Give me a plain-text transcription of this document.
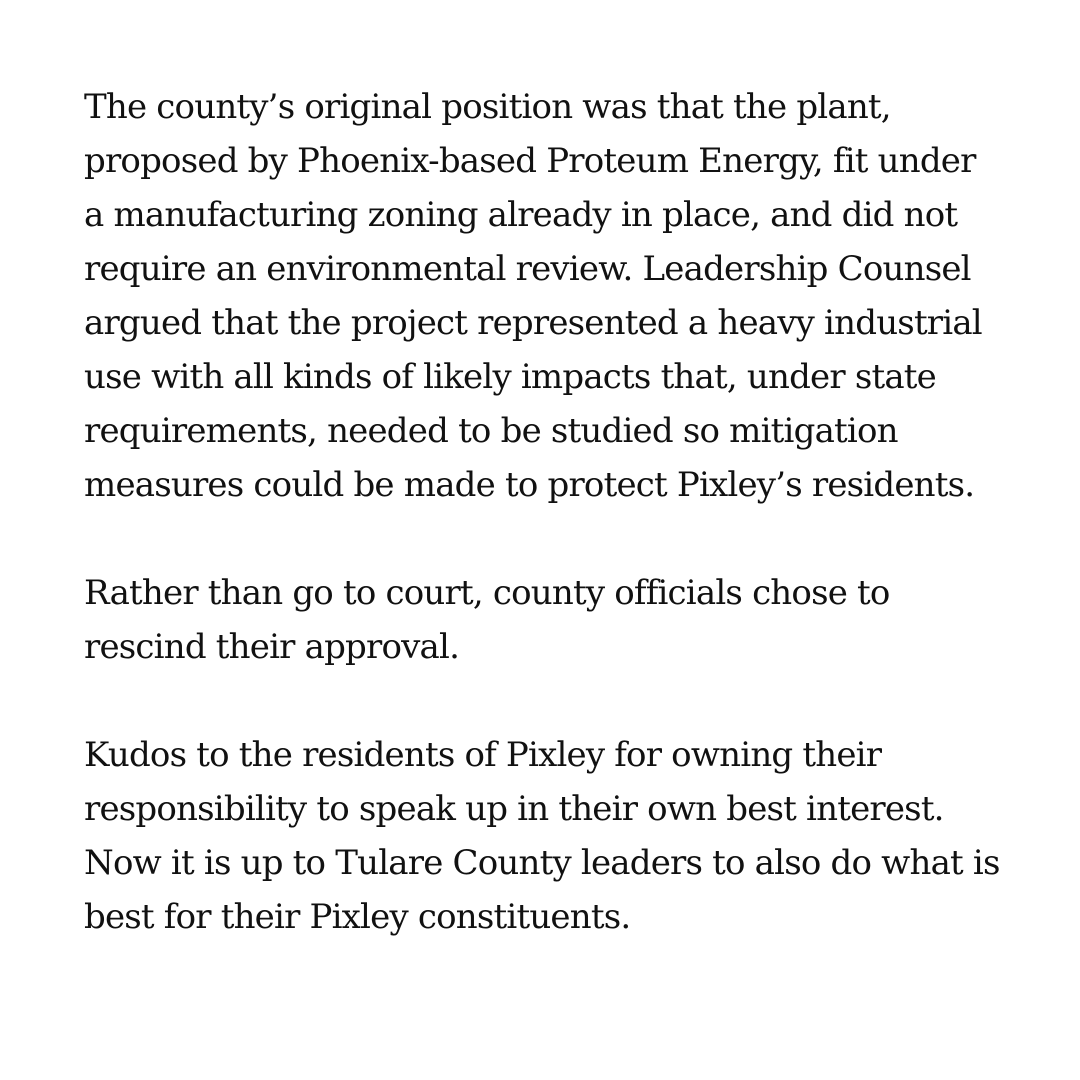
The county’s original position was that the plant, proposed by Phoenix-based Proteum Energy, fit under a manufacturing zoning already in place, and did not require an environmental review. Leadership Counsel argued that the project represented a heavy industrial use with all kinds of likely impacts that, under state requirements, needed to be studied so mitigation measures could be made to protect Pixley’s residents.

Rather than go to court, county officials chose to rescind their approval.

Kudos to the residents of Pixley for owning their responsibility to speak up in their own best interest. Now it is up to Tulare County leaders to also do what is best for their Pixley constituents.
